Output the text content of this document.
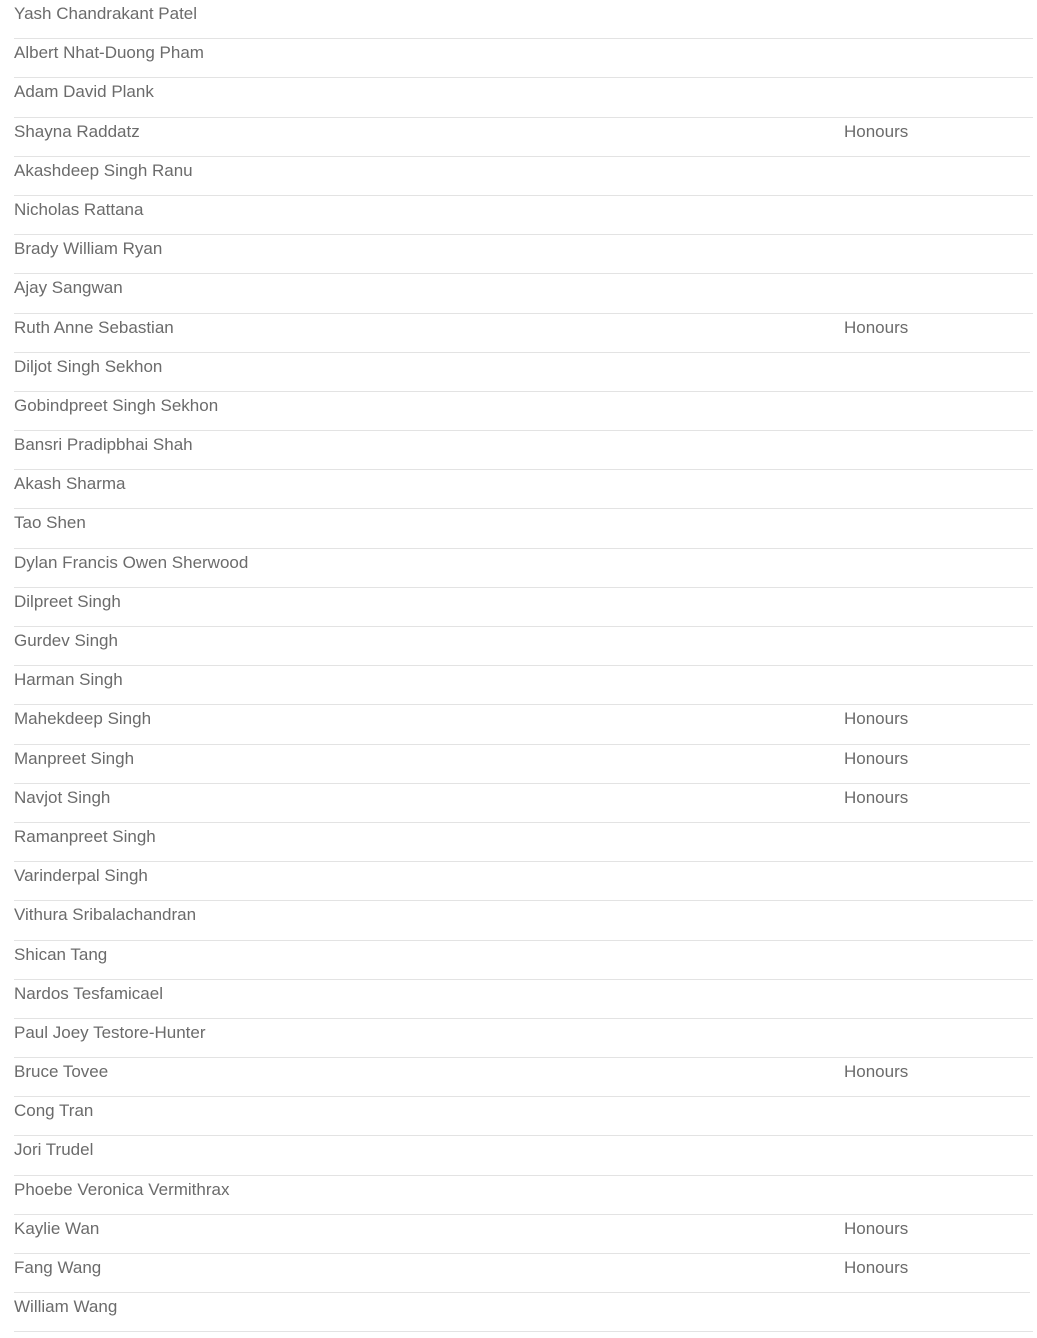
Yash Chandrakant Patel
Albert Nhat-Duong Pham
Adam David Plank
Shayna Raddatz	Honours
Akashdeep Singh Ranu
Nicholas Rattana
Brady William Ryan
Ajay Sangwan
Ruth Anne Sebastian	Honours
Diljot Singh Sekhon
Gobindpreet Singh Sekhon
Bansri Pradipbhai Shah
Akash Sharma
Tao Shen
Dylan Francis Owen Sherwood
Dilpreet Singh
Gurdev Singh
Harman Singh
Mahekdeep Singh	Honours
Manpreet Singh	Honours
Navjot Singh	Honours
Ramanpreet Singh
Varinderpal Singh
Vithura Sribalachandran
Shican Tang
Nardos Tesfamicael
Paul Joey Testore-Hunter
Bruce Tovee	Honours
Cong Tran
Jori Trudel
Phoebe Veronica Vermithrax
Kaylie Wan	Honours
Fang Wang	Honours
William Wang
